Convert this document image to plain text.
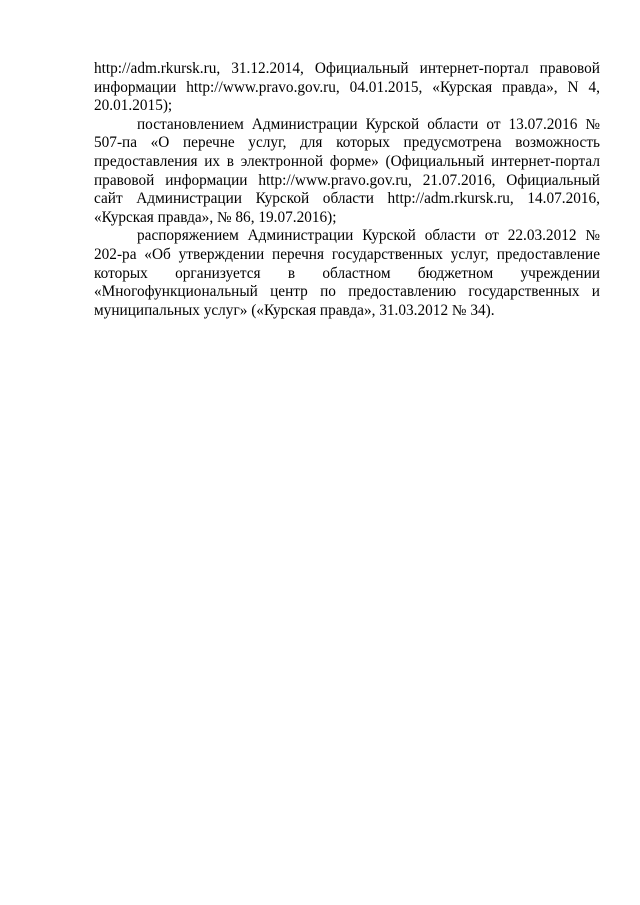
http://adm.rkursk.ru, 31.12.2014, Официальный интернет-портал правовой информации http://www.pravo.gov.ru, 04.01.2015, «Курская правда», N 4, 20.01.2015);

постановлением Администрации Курской области от 13.07.2016 № 507-па «О перечне услуг, для которых предусмотрена возможность предоставления их в электронной форме» (Официальный интернет-портал правовой информации http://www.pravo.gov.ru, 21.07.2016, Официальный сайт Администрации Курской области http://adm.rkursk.ru, 14.07.2016, «Курская правда», № 86, 19.07.2016);

распоряжением Администрации Курской области от 22.03.2012 № 202-ра «Об утверждении перечня государственных услуг, предоставление которых организуется в областном бюджетном учреждении «Многофункциональный центр по предоставлению государственных и муниципальных услуг» («Курская правда», 31.03.2012 № 34).
